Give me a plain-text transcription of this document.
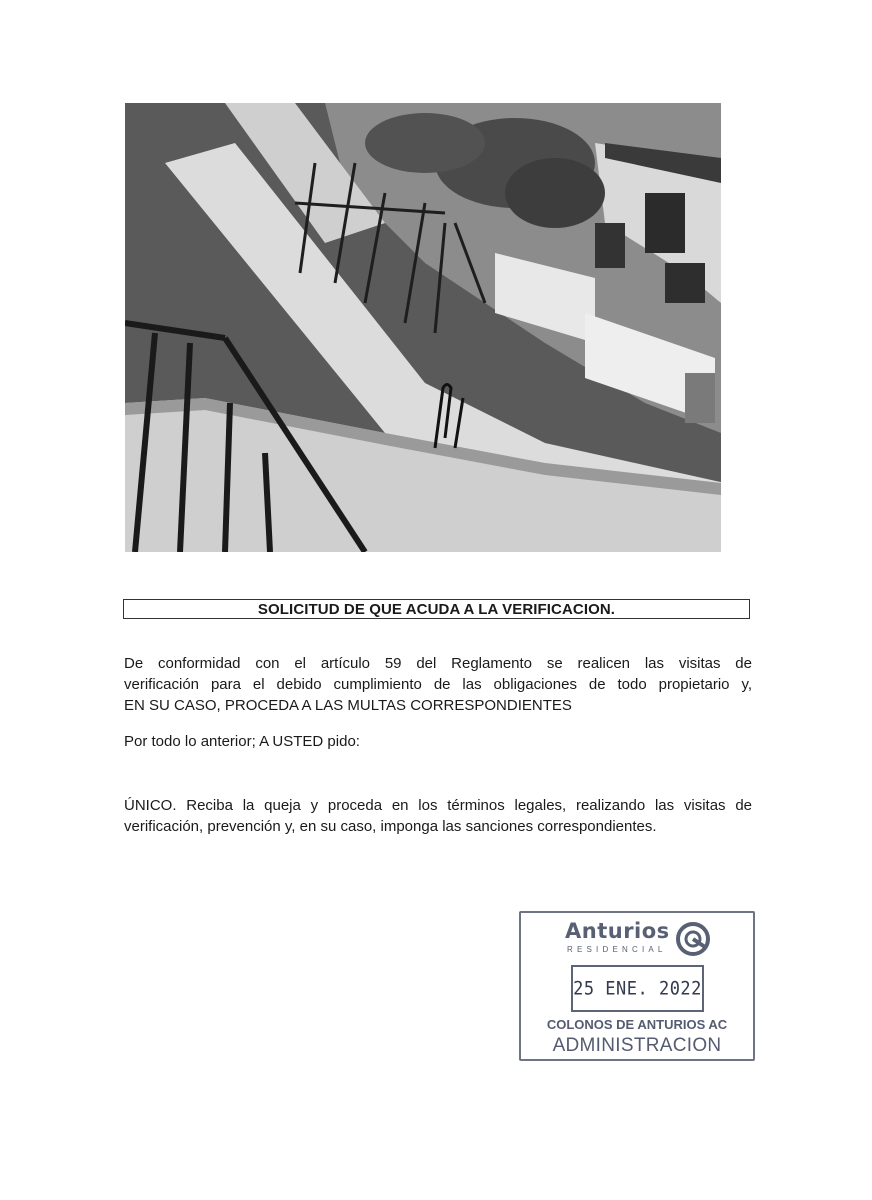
SOLICITUD DE QUE ACUDA A LA VERIFICACION.

De conformidad con el artículo 59 del Reglamento se realicen las visitas de
verificación para el debido cumplimiento de las obligaciones de todo propietario y,
EN SU CASO, PROCEDA A LAS MULTAS CORRESPONDIENTES

Por todo lo anterior; A USTED pido:

ÚNICO. Reciba la queja y proceda en los términos legales, realizando las visitas de
verificación, prevención y, en su caso, imponga las sanciones correspondientes.

Anturios
RESIDENCIAL
25 ENE. 2022
COLONOS DE ANTURIOS AC
ADMINISTRACION
